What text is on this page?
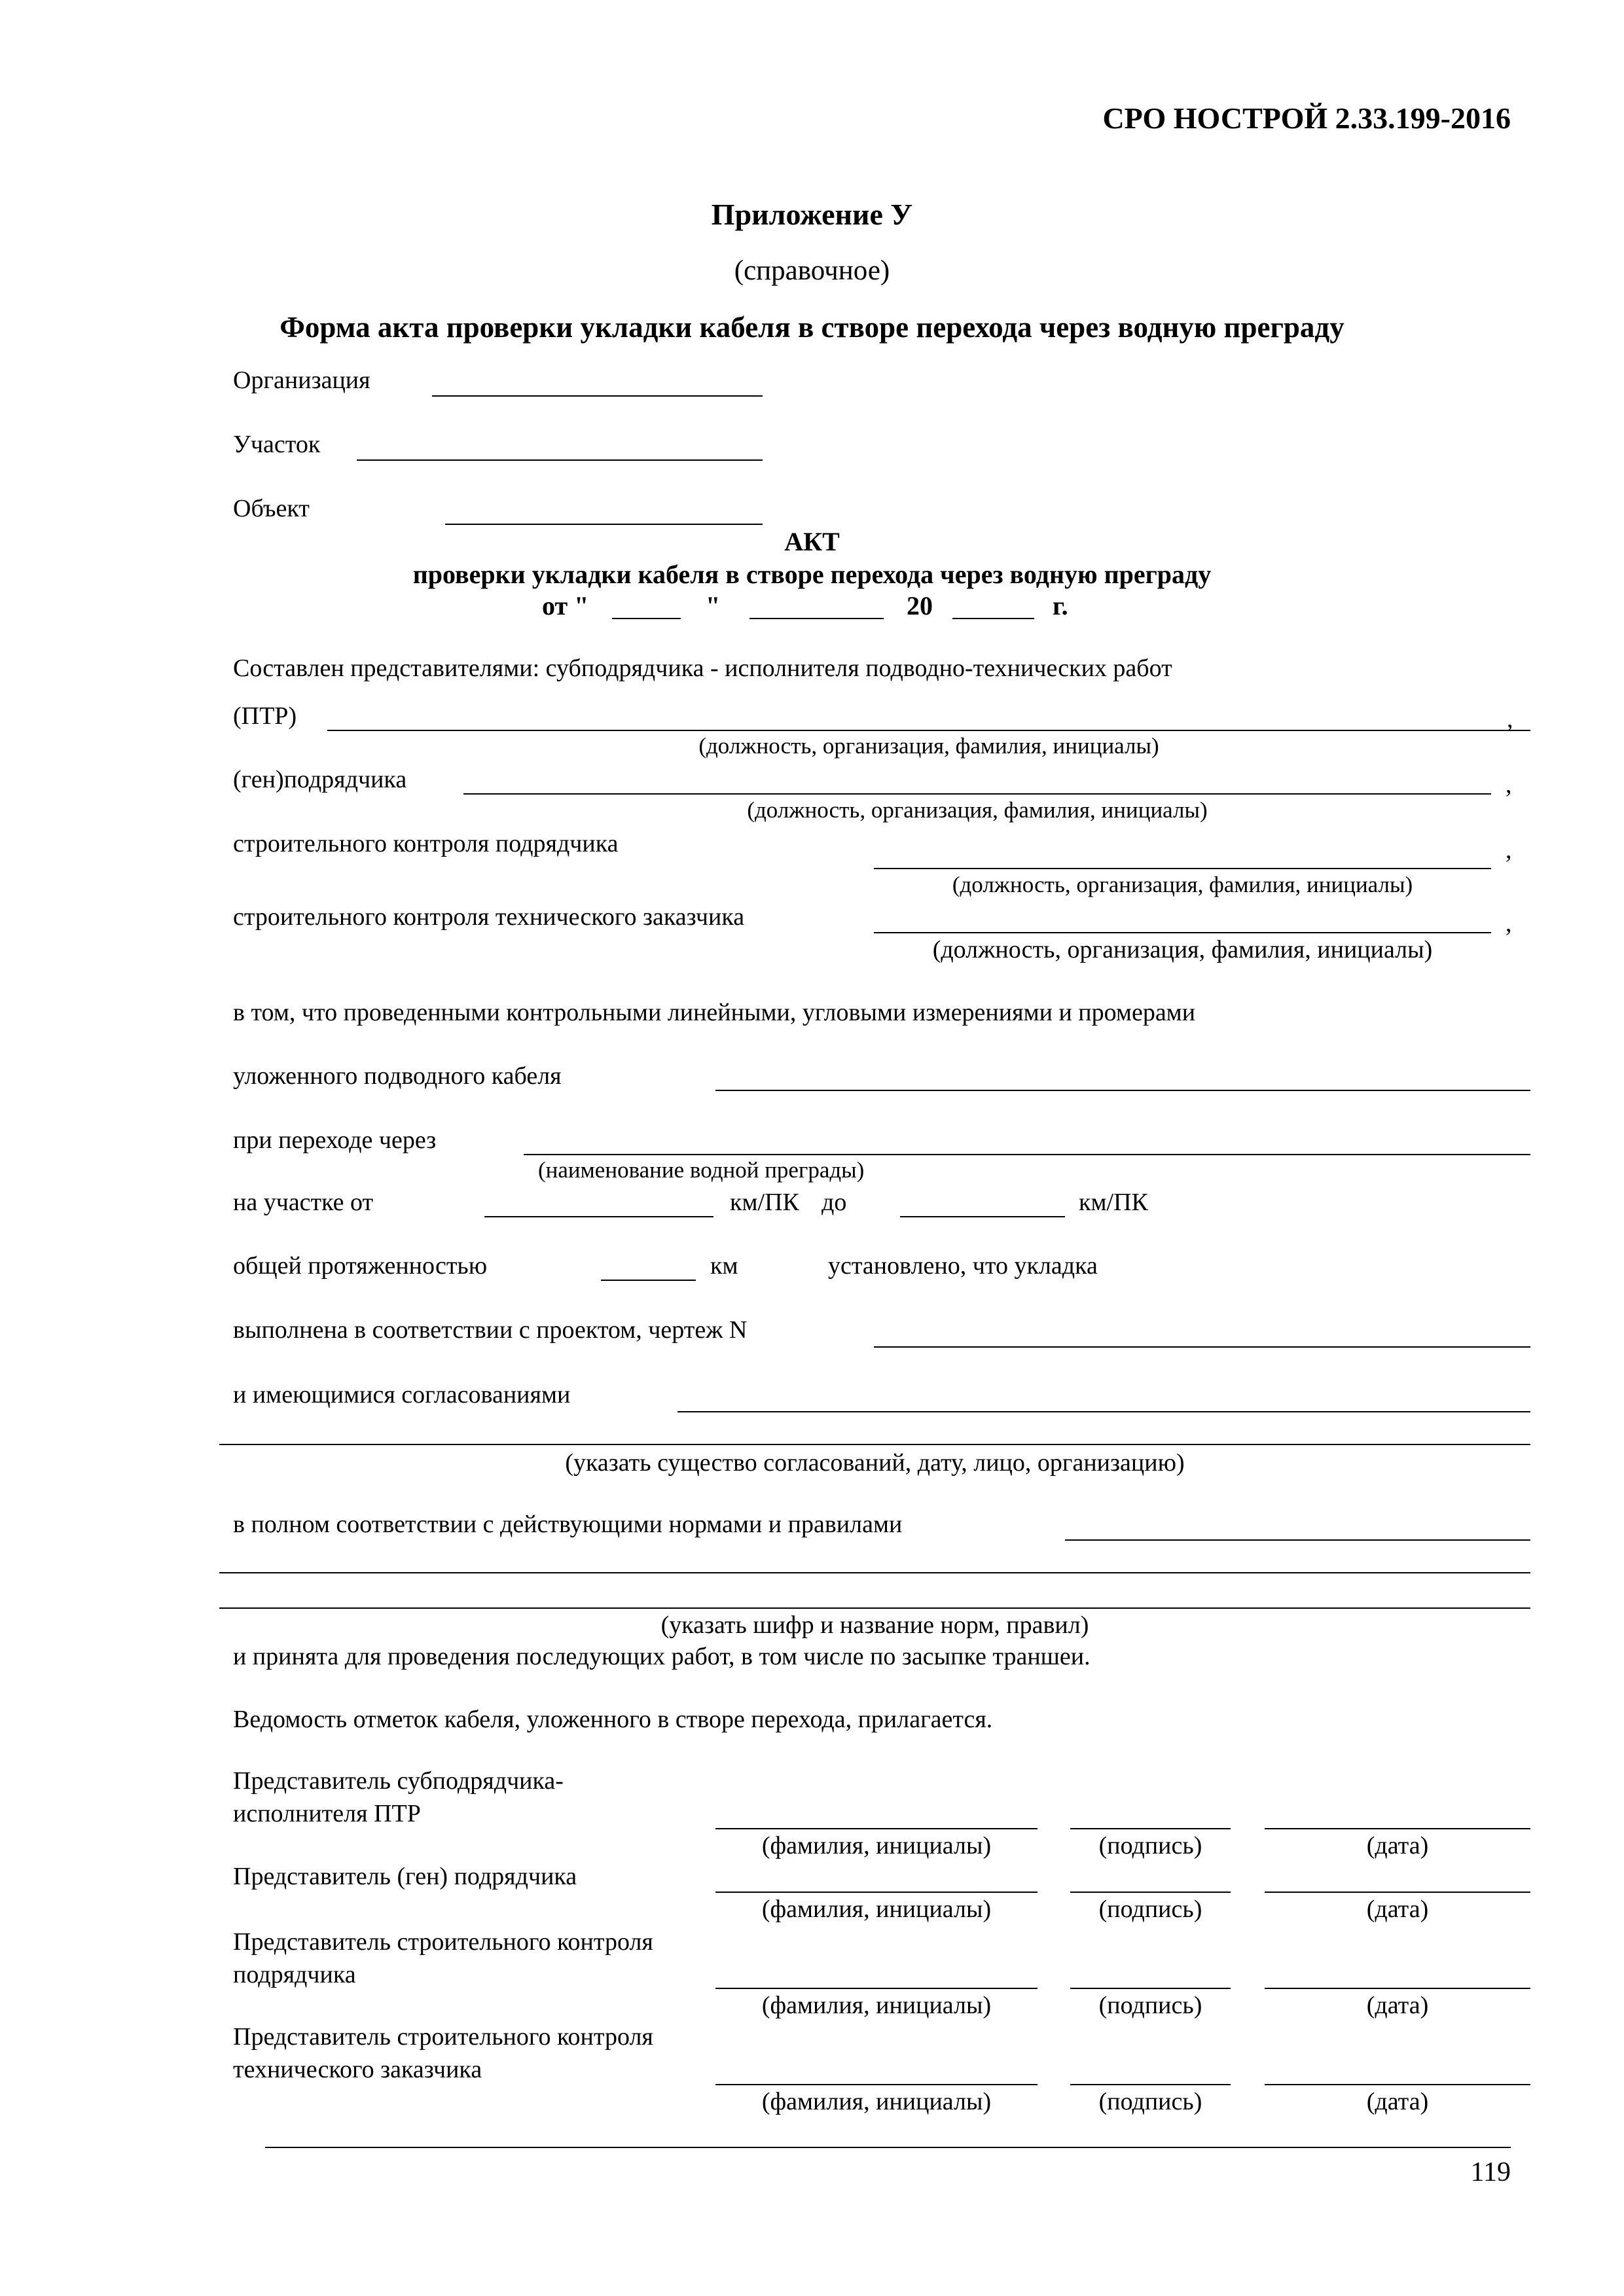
СРО НОСТРОЙ 2.33.199-2016
Приложение У
(справочное)
Форма акта проверки укладки кабеля в створе перехода через водную преграду
Организация
Участок
Объект
АКТ
проверки укладки кабеля в створе перехода через водную преграду
от "	"	20	г.
Составлен представителями: субподрядчика - исполнителя подводно-технических работ
(ПТР)	,
(должность, организация, фамилия, инициалы)
(ген)подрядчика	,
(должность, организация, фамилия, инициалы)
строительного контроля подрядчика	,
(должность, организация, фамилия, инициалы)
строительного контроля технического заказчика	,
(должность, организация, фамилия, инициалы)
в том, что проведенными контрольными линейными, угловыми измерениями и промерами
уложенного подводного кабеля
при переходе через
(наименование водной преграды)
на участке от	км/ПК до	км/ПК
общей протяженностью	км	установлено, что укладка
выполнена в соответствии с проектом, чертеж N
и имеющимися согласованиями
(указать существо согласований, дату, лицо, организацию)
в полном соответствии с действующими нормами и правилами
(указать шифр и название норм, правил)
и принята для проведения последующих работ, в том числе по засыпке траншеи.
Ведомость отметок кабеля, уложенного в створе перехода, прилагается.
Представитель субподрядчика-
исполнителя ПТР
(фамилия, инициалы)	(подпись)	(дата)
Представитель (ген) подрядчика
(фамилия, инициалы)	(подпись)	(дата)
Представитель строительного контроля
подрядчика
(фамилия, инициалы)	(подпись)	(дата)
Представитель строительного контроля
технического заказчика
(фамилия, инициалы)	(подпись)	(дата)
119
